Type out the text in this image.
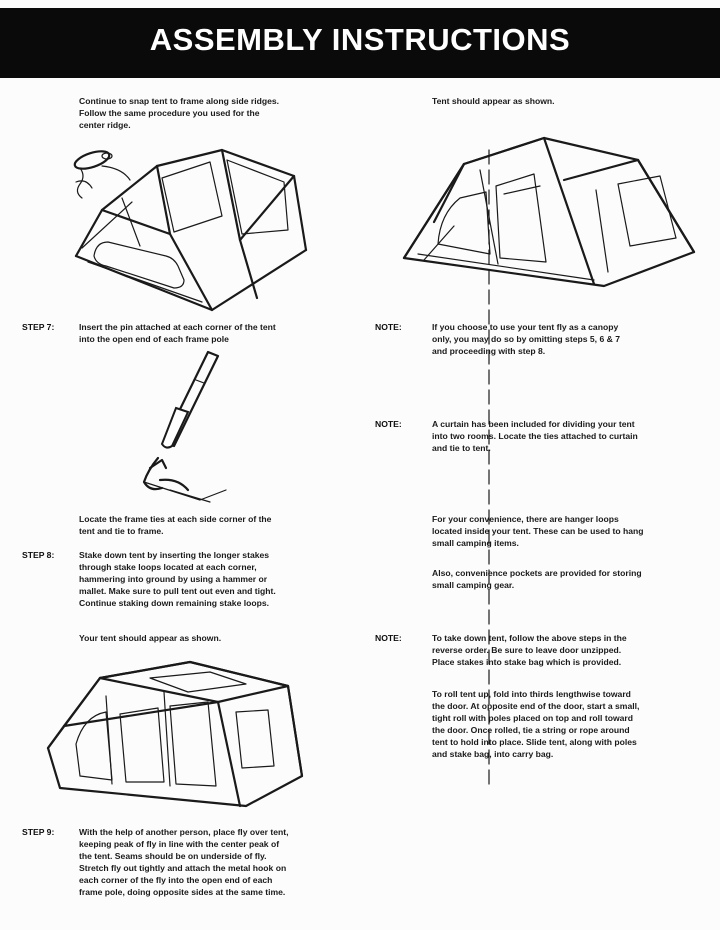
ASSEMBLY INSTRUCTIONS
Continue to snap tent to frame along side ridges.
Follow the same procedure you used for the
center ridge.
STEP 7:	Insert the pin attached at each corner of the tent
into the open end of each frame pole
Locate the frame ties at each side corner of the
tent and tie to frame.
STEP 8:	Stake down tent by inserting the longer stakes
through stake loops located at each corner,
hammering into ground by using a hammer or
mallet. Make sure to pull tent out even and tight.
Continue staking down remaining stake loops.
Your tent should appear as shown.
STEP 9:	With the help of another person, place fly over tent,
keeping peak of fly in line with the center peak of
the tent. Seams should be on underside of fly.
Stretch fly out tightly and attach the metal hook on
each corner of the fly into the open end of each
frame pole, doing opposite sides at the same time.
Tent should appear as shown.
NOTE:	If you choose to use your tent fly as a canopy
only, you may do so by omitting steps 5, 6 & 7
and proceeding with step 8.
NOTE:	A curtain has been included for dividing your tent
into two rooms. Locate the ties attached to curtain
and tie to tent.
For your convenience, there are hanger loops
located inside your tent. These can be used to hang
small camping items.
Also, convenience pockets are provided for storing
small camping gear.
NOTE:	To take down tent, follow the above steps in the
reverse order. Be sure to leave door unzipped.
Place stakes into stake bag which is provided.
To roll tent up, fold into thirds lengthwise toward
the door. At opposite end of the door, start a small,
tight roll with poles placed on top and roll toward
the door. Once rolled, tie a string or rope around
tent to hold into place. Slide tent, along with poles
and stake bag, into carry bag.
